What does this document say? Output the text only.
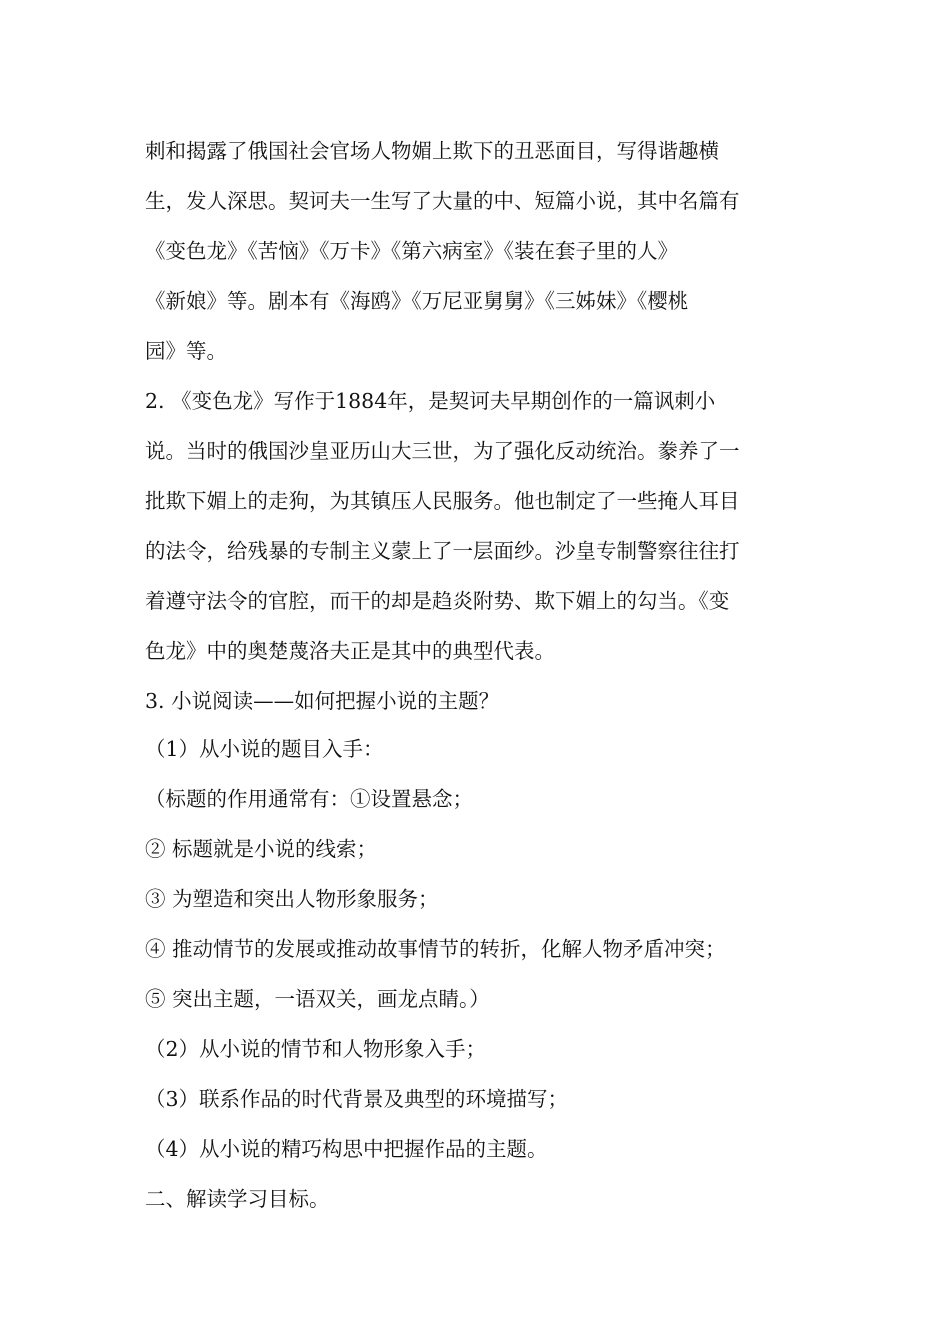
刺和揭露了俄国社会官场人物媚上欺下的丑恶面目，写得谐趣横
生，发人深思。契诃夫一生写了大量的中、短篇小说，其中名篇有
《变色龙》《苦恼》《万卡》《第六病室》《装在套子里的人》
《新娘》等。剧本有《海鸥》《万尼亚舅舅》《三姊妹》《樱桃
园》等。
2. 《变色龙》写作于1884年，是契诃夫早期创作的一篇讽刺小
说。当时的俄国沙皇亚历山大三世，为了强化反动统治。豢养了一
批欺下媚上的走狗，为其镇压人民服务。他也制定了一些掩人耳目
的法令，给残暴的专制主义蒙上了一层面纱。沙皇专制警察往往打
着遵守法令的官腔，而干的却是趋炎附势、欺下媚上的勾当。《变
色龙》中的奥楚蔑洛夫正是其中的典型代表。
3. 小说阅读——如何把握小说的主题？
（1）从小说的题目入手：
（标题的作用通常有：①设置悬念；
② 标题就是小说的线索；
③ 为塑造和突出人物形象服务；
④ 推动情节的发展或推动故事情节的转折，化解人物矛盾冲突；
⑤ 突出主题，一语双关，画龙点睛。）
（2）从小说的情节和人物形象入手；
（3）联系作品的时代背景及典型的环境描写；
（4）从小说的精巧构思中把握作品的主题。
二、解读学习目标。
